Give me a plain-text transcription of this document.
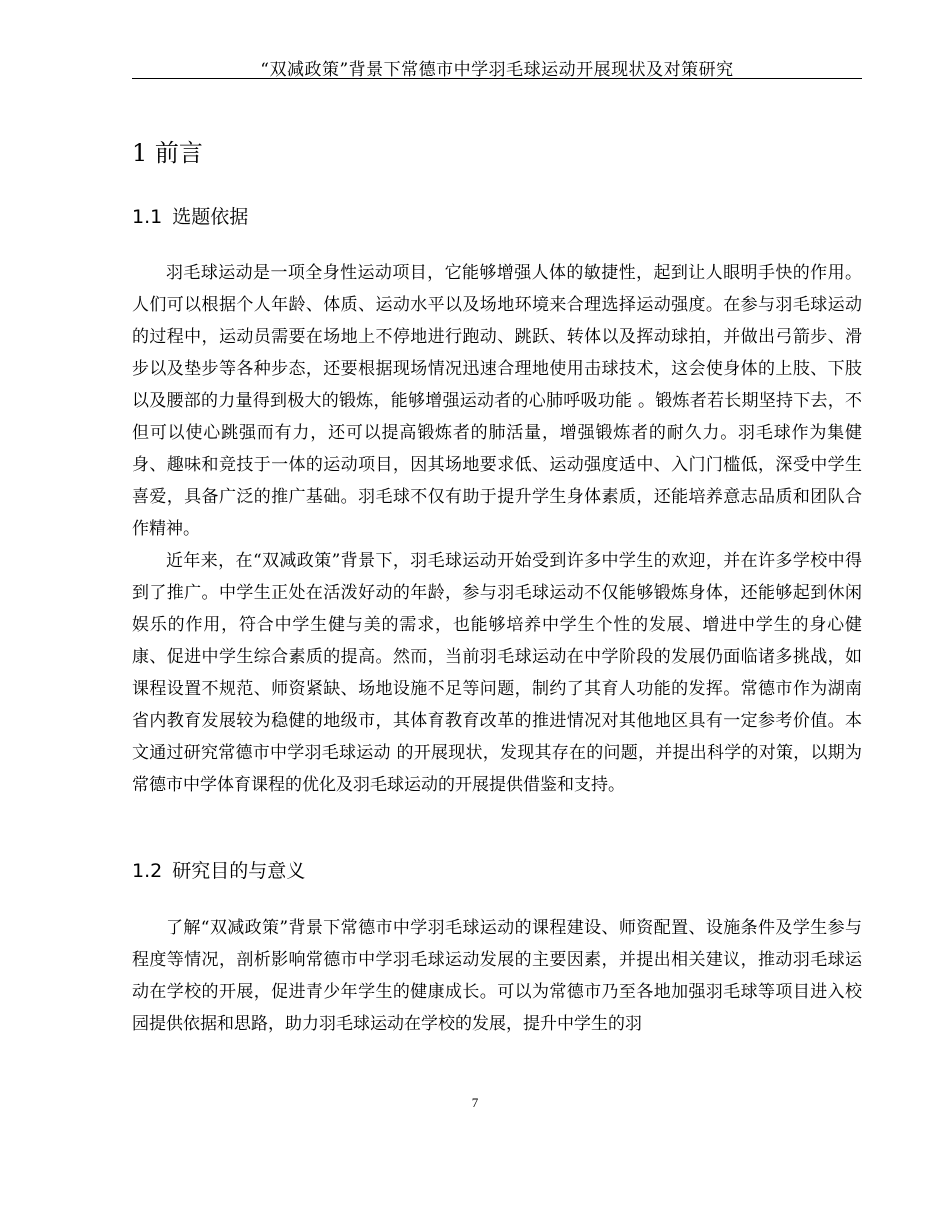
“双减政策”背景下常德市中学羽毛球运动开展现状及对策研究
1 前言
1.1 选题依据

羽毛球运动是一项全身性运动项目，它能够增强人体的敏捷性，起到让人眼明手快的作用。人们可以根据个人年龄、体质、运动水平以及场地环境来合理选择运动强度。在参与羽毛球运动的过程中，运动员需要在场地上不停地进行跑动、跳跃、转体以及挥动球拍，并做出弓箭步、滑步以及垫步等各种步态，还要根据现场情况迅速合理地使用击球技术，这会使身体的上肢、下肢以及腰部的力量得到极大的锻炼，能够增强运动者的心肺呼吸功能 。锻炼者若长期坚持下去，不但可以使心跳强而有力，还可以提高锻炼者的肺活量，增强锻炼者的耐久力。羽毛球作为集健身、趣味和竞技于一体的运动项目，因其场地要求低、运动强度适中、入门门槛低，深受中学生喜爱，具备广泛的推广基础。羽毛球不仅有助于提升学生身体素质，还能培养意志品质和团队合作精神。

近年来，在“双减政策”背景下，羽毛球运动开始受到许多中学生的欢迎，并在许多学校中得到了推广。中学生正处在活泼好动的年龄，参与羽毛球运动不仅能够锻炼身体，还能够起到休闲娱乐的作用，符合中学生健与美的需求，也能够培养中学生个性的发展、增进中学生的身心健康、促进中学生综合素质的提高。然而，当前羽毛球运动在中学阶段的发展仍面临诸多挑战，如课程设置不规范、师资紧缺、场地设施不足等问题，制约了其育人功能的发挥。常德市作为湖南省内教育发展较为稳健的地级市，其体育教育改革的推进情况对其他地区具有一定参考价值。本文通过研究常德市中学羽毛球运动 的开展现状，发现其存在的问题，并提出科学的对策，以期为常德市中学体育课程的优化及羽毛球运动的开展提供借鉴和支持。

1.2 研究目的与意义

了解“双减政策”背景下常德市中学羽毛球运动的课程建设、师资配置、设施条件及学生参与程度等情况，剖析影响常德市中学羽毛球运动发展的主要因素，并提出相关建议，推动羽毛球运动在学校的开展，促进青少年学生的健康成长。可以为常德市乃至各地加强羽毛球等项目进入校园提供依据和思路，助力羽毛球运动在学校的发展，提升中学生的羽

7
